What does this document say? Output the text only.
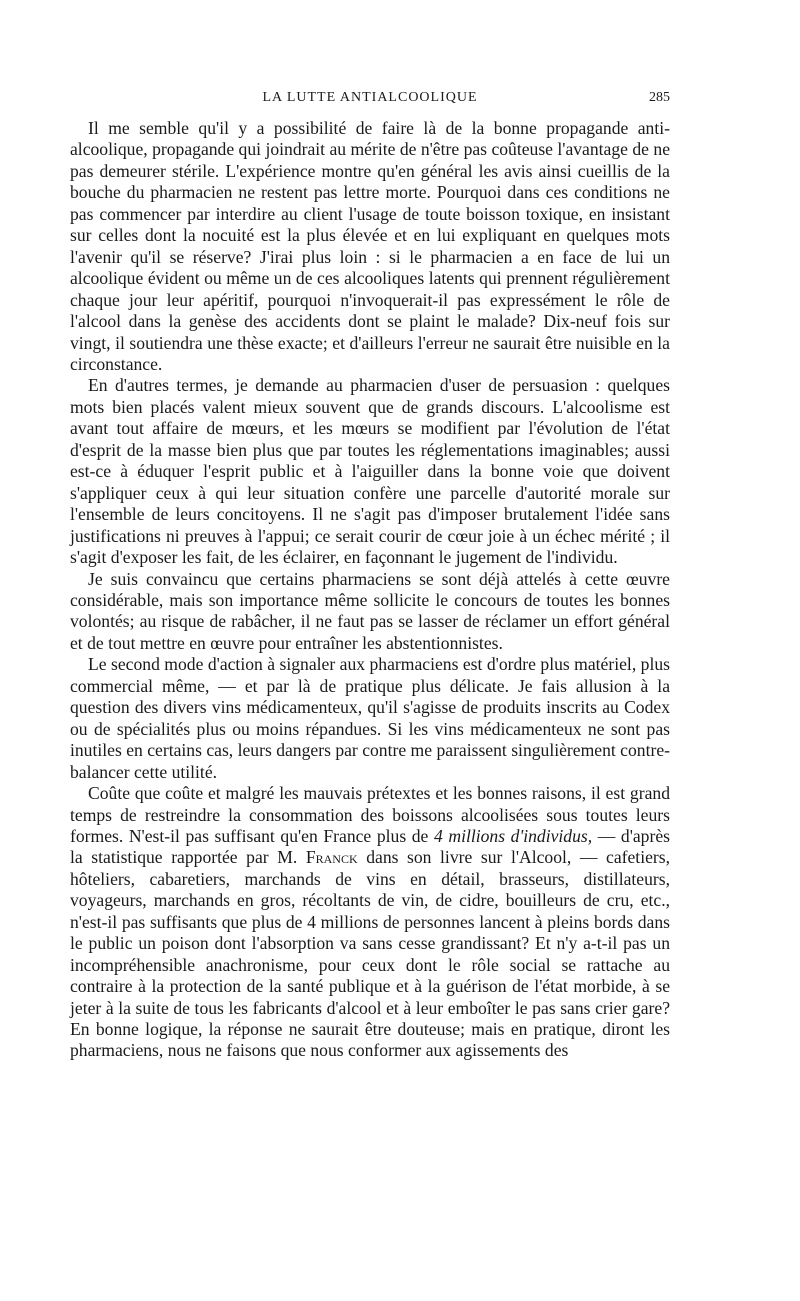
LA LUTTE ANTIALCOOLIQUE	285

Il me semble qu'il y a possibilité de faire là de la bonne propagande anti-alcoolique, propagande qui joindrait au mérite de n'être pas coûteuse l'avantage de ne pas demeurer stérile. L'expérience montre qu'en général les avis ainsi cueillis de la bouche du pharmacien ne restent pas lettre morte. Pourquoi dans ces conditions ne pas commencer par interdire au client l'usage de toute boisson toxique, en insistant sur celles dont la nocuité est la plus élevée et en lui expliquant en quelques mots l'avenir qu'il se réserve? J'irai plus loin : si le pharmacien a en face de lui un alcoolique évident ou même un de ces alcooliques latents qui prennent régulièrement chaque jour leur apéritif, pourquoi n'invoquerait-il pas expressément le rôle de l'alcool dans la genèse des accidents dont se plaint le malade? Dix-neuf fois sur vingt, il soutiendra une thèse exacte; et d'ailleurs l'erreur ne saurait être nuisible en la circonstance.

En d'autres termes, je demande au pharmacien d'user de persuasion : quelques mots bien placés valent mieux souvent que de grands discours. L'alcoolisme est avant tout affaire de mœurs, et les mœurs se modifient par l'évolution de l'état d'esprit de la masse bien plus que par toutes les réglementations imaginables; aussi est-ce à éduquer l'esprit public et à l'aiguiller dans la bonne voie que doivent s'appliquer ceux à qui leur situation confère une parcelle d'autorité morale sur l'ensemble de leurs concitoyens. Il ne s'agit pas d'imposer brutalement l'idée sans justifications ni preuves à l'appui; ce serait courir de cœur joie à un échec mérité ; il s'agit d'exposer les fait, de les éclairer, en façonnant le jugement de l'individu.

Je suis convaincu que certains pharmaciens se sont déjà attelés à cette œuvre considérable, mais son importance même sollicite le concours de toutes les bonnes volontés; au risque de rabâcher, il ne faut pas se lasser de réclamer un effort général et de tout mettre en œuvre pour entraîner les abstentionnistes.

Le second mode d'action à signaler aux pharmaciens est d'ordre plus matériel, plus commercial même, — et par là de pratique plus délicate. Je fais allusion à la question des divers vins médicamenteux, qu'il s'agisse de produits inscrits au Codex ou de spécialités plus ou moins répandues. Si les vins médicamenteux ne sont pas inutiles en certains cas, leurs dangers par contre me paraissent singulièrement contre-balancer cette utilité.

Coûte que coûte et malgré les mauvais prétextes et les bonnes raisons, il est grand temps de restreindre la consommation des boissons alcoolisées sous toutes leurs formes. N'est-il pas suffisant qu'en France plus de 4 millions d'individus, — d'après la statistique rapportée par M. Franck dans son livre sur l'Alcool, — cafetiers, hôteliers, cabaretiers, marchands de vins en détail, brasseurs, distillateurs, voyageurs, marchands en gros, récoltants de vin, de cidre, bouilleurs de cru, etc., n'est-il pas suffisants que plus de 4 millions de personnes lancent à pleins bords dans le public un poison dont l'absorption va sans cesse grandissant? Et n'y a-t-il pas un incompréhensible anachronisme, pour ceux dont le rôle social se rattache au contraire à la protection de la santé publique et à la guérison de l'état morbide, à se jeter à la suite de tous les fabricants d'alcool et à leur emboîter le pas sans crier gare? En bonne logique, la réponse ne saurait être douteuse; mais en pratique, diront les pharmaciens, nous ne faisons que nous conformer aux agissements des
